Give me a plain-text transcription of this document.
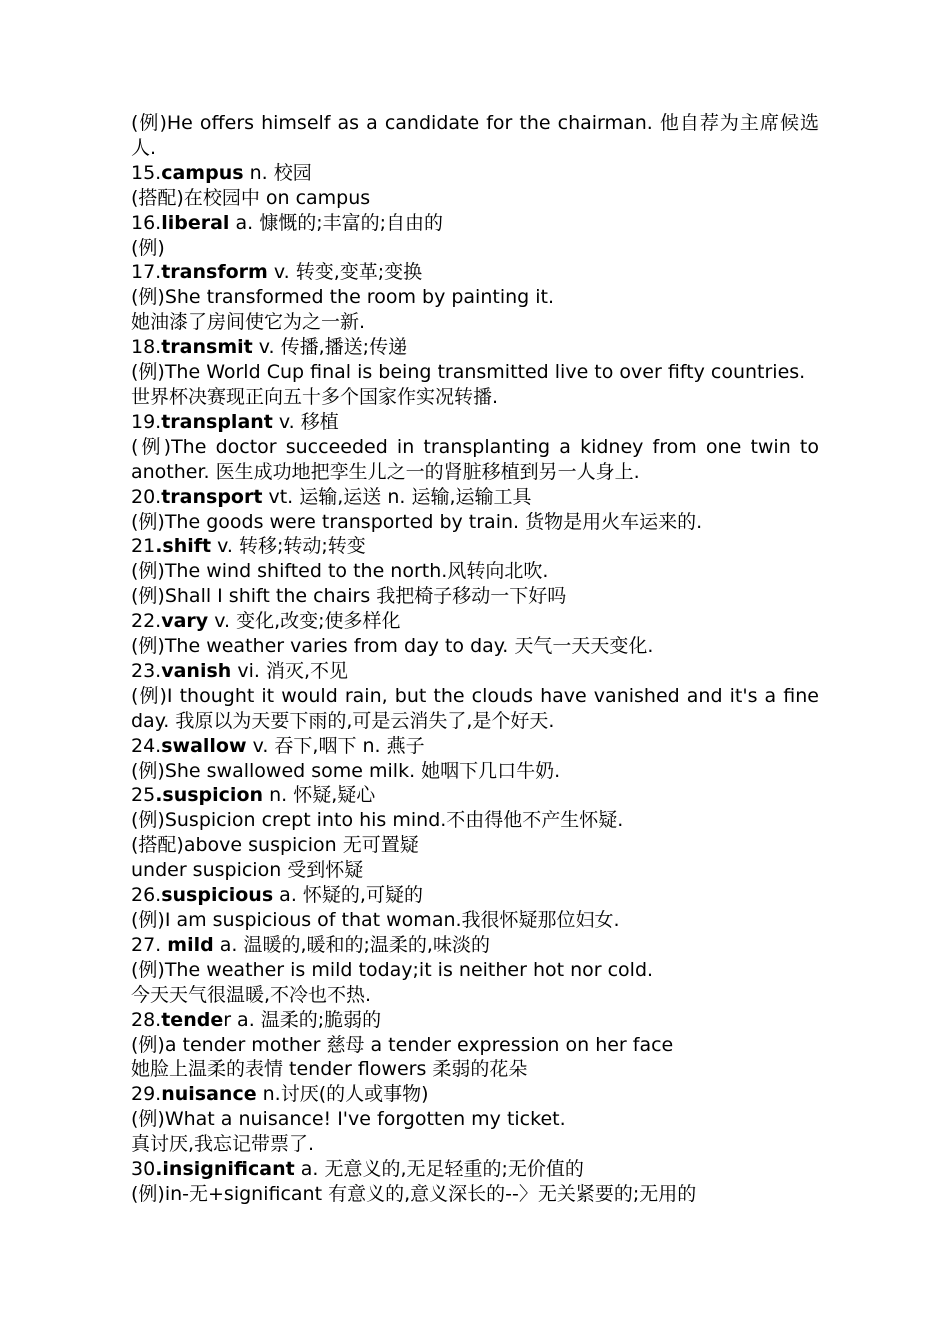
(例)He offers himself as a candidate for the chairman. 他自荐为主席候选人.
15.campus n. 校园
(搭配)在校园中 on campus
16.liberal a. 慷慨的;丰富的;自由的
(例)
17.transform v. 转变,变革;变换
(例)She transformed the room by painting it.
她油漆了房间使它为之一新.
18.transmit v. 传播,播送;传递
(例)The World Cup final is being transmitted live to over fifty countries.
世界杯决赛现正向五十多个国家作实况转播.
19.transplant v. 移植
(例)The doctor succeeded in transplanting a kidney from one twin to another. 医生成功地把孪生儿之一的肾脏移植到另一人身上.
20.transport vt. 运输,运送 n. 运输,运输工具
(例)The goods were transported by train. 货物是用火车运来的.
21.shift v. 转移;转动;转变
(例)The wind shifted to the north.风转向北吹.
(例)Shall I shift the chairs 我把椅子移动一下好吗
22.vary v. 变化,改变;使多样化
(例)The weather varies from day to day. 天气一天天变化.
23.vanish vi. 消灭,不见
(例)I thought it would rain, but the clouds have vanished and it's a fine day. 我原以为天要下雨的,可是云消失了,是个好天.
24.swallow v. 吞下,咽下 n. 燕子
(例)She swallowed some milk. 她咽下几口牛奶.
25.suspicion n. 怀疑,疑心
(例)Suspicion crept into his mind.不由得他不产生怀疑.
(搭配)above suspicion 无可置疑
under suspicion 受到怀疑
26.suspicious a. 怀疑的,可疑的
(例)I am suspicious of that woman.我很怀疑那位妇女.
27. mild a. 温暖的,暖和的;温柔的,味淡的
(例)The weather is mild today;it is neither hot nor cold.
今天天气很温暖,不冷也不热.
28.tender a. 温柔的;脆弱的
(例)a tender mother 慈母 a tender expression on her face
她脸上温柔的表情 tender flowers 柔弱的花朵
29.nuisance n.讨厌(的人或事物)
(例)What a nuisance! I've forgotten my ticket.
真讨厌,我忘记带票了.
30.insignificant a. 无意义的,无足轻重的;无价值的
(例)in-无+significant 有意义的,意义深长的--〉无关紧要的;无用的
